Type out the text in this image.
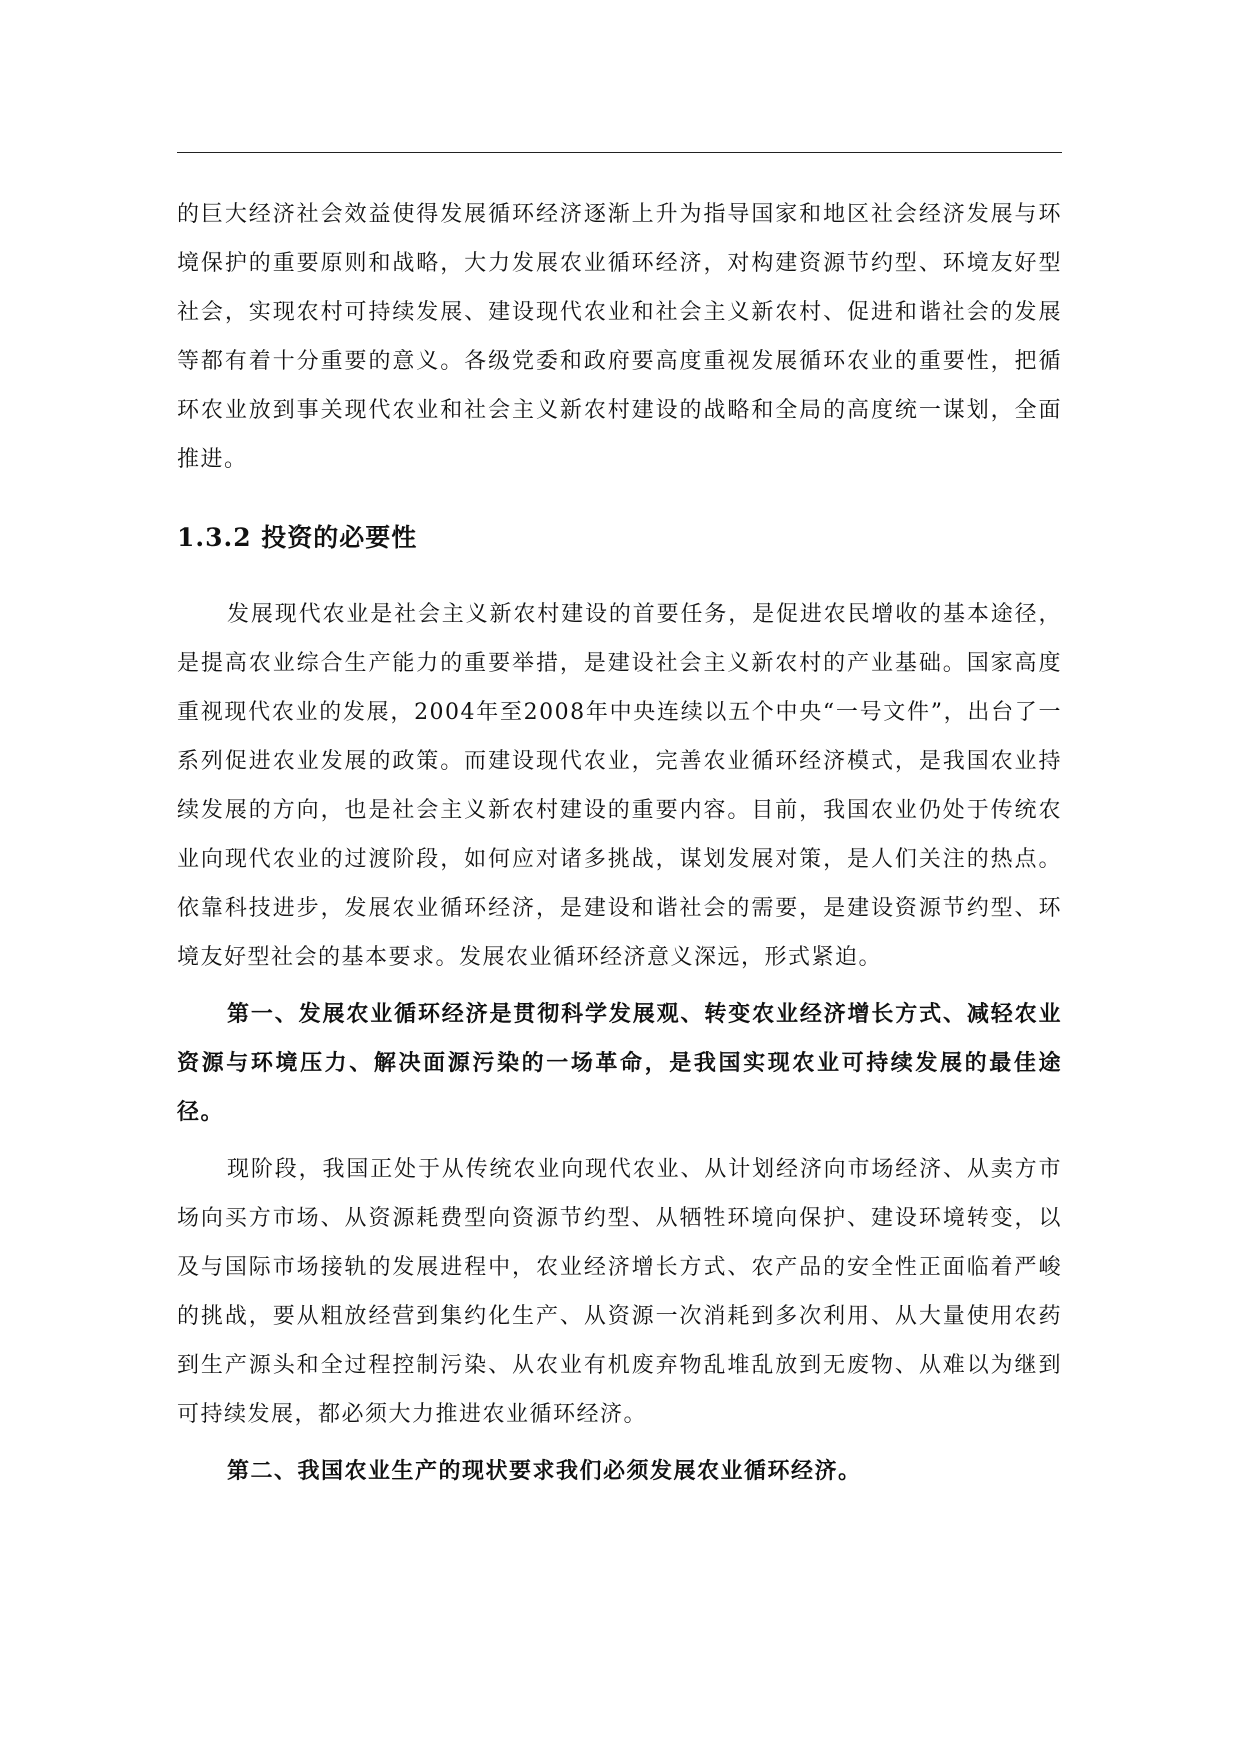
的巨大经济社会效益使得发展循环经济逐渐上升为指导国家和地区社会经济发展与环境保护的重要原则和战略，大力发展农业循环经济，对构建资源节约型、环境友好型社会，实现农村可持续发展、建设现代农业和社会主义新农村、促进和谐社会的发展等都有着十分重要的意义。各级党委和政府要高度重视发展循环农业的重要性，把循环农业放到事关现代农业和社会主义新农村建设的战略和全局的高度统一谋划，全面推进。

1.3.2 投资的必要性

发展现代农业是社会主义新农村建设的首要任务，是促进农民增收的基本途径，是提高农业综合生产能力的重要举措，是建设社会主义新农村的产业基础。国家高度重视现代农业的发展，2004年至2008年中央连续以五个中央“一号文件”，出台了一系列促进农业发展的政策。而建设现代农业，完善农业循环经济模式，是我国农业持续发展的方向，也是社会主义新农村建设的重要内容。目前，我国农业仍处于传统农业向现代农业的过渡阶段，如何应对诸多挑战，谋划发展对策，是人们关注的热点。依靠科技进步，发展农业循环经济，是建设和谐社会的需要，是建设资源节约型、环境友好型社会的基本要求。发展农业循环经济意义深远，形式紧迫。

第一、发展农业循环经济是贯彻科学发展观、转变农业经济增长方式、减轻农业资源与环境压力、解决面源污染的一场革命，是我国实现农业可持续发展的最佳途径。

现阶段，我国正处于从传统农业向现代农业、从计划经济向市场经济、从卖方市场向买方市场、从资源耗费型向资源节约型、从牺牲环境向保护、建设环境转变，以及与国际市场接轨的发展进程中，农业经济增长方式、农产品的安全性正面临着严峻的挑战，要从粗放经营到集约化生产、从资源一次消耗到多次利用、从大量使用农药到生产源头和全过程控制污染、从农业有机废弃物乱堆乱放到无废物、从难以为继到可持续发展，都必须大力推进农业循环经济。

第二、我国农业生产的现状要求我们必须发展农业循环经济。
